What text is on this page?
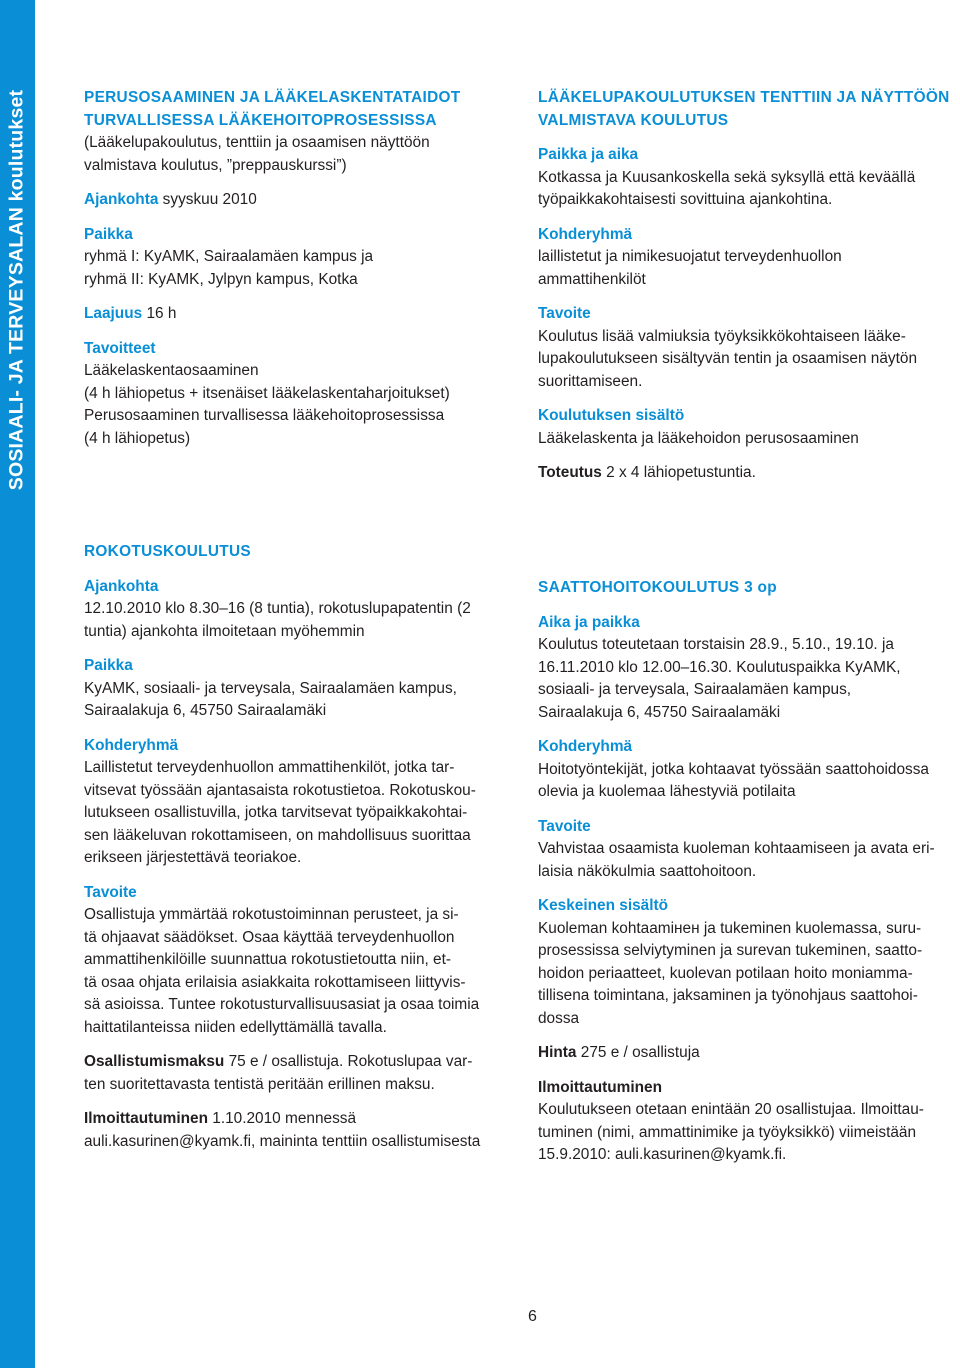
SOSIAALI- JA TERVEYSALAN koulutukset	PERUSOSAAMINEN JA LÄÄKELASKENTATAIDOT

TURVALLISESSA LÄÄKEHOITOPROSESSISSA

(Lääkelupakoulutus, tenttiin ja osaamisen näyttöön

valmistava koulutus, ”preppauskurssi”)

Ajankohta syyskuu 2010

Paikka

ryhmä I: KyAMK, Sairaalamäen kampus ja

ryhmä II: KyAMK, Jylpyn kampus, Kotka

Laajuus 16 h

Tavoitteet

Lääkelaskentaosaaminen

(4 h lähiopetus + itsenäiset lääkelaskentaharjoitukset)

Perusosaaminen turvallisessa lääkehoitoprosessissa

(4 h lähiopetus)

LÄÄKELUPAKOULUTUKSEN TENTTIIN JA NÄYTTÖÖN

VALMISTAVA KOULUTUS

Paikka ja aika

Kotkassa ja Kuusankoskella sekä syksyllä että keväällä

työpaikkakohtaisesti sovittuina ajankohtina.

Kohderyhmä

laillistetut ja nimikesuojatut terveydenhuollon

ammattihenkilöt

Tavoite

Koulutus lisää valmiuksia työyksikkökohtaiseen lääke-

lupakoulutukseen sisältyvän tentin ja osaamisen näytön

suorittamiseen.

Koulutuksen sisältö

Lääkelaskenta ja lääkehoidon perusosaaminen

Toteutus 2 x 4 lähiopetustuntia.

ROKOTUSKOULUTUS

Ajankohta

12.10.2010 klo 8.30‒16 (8 tuntia), rokotuslupapatentin (2

tuntia) ajankohta ilmoitetaan myöhemmin

Paikka

KyAMK, sosiaali- ja terveysala, Sairaalamäen kampus,

Sairaalakuja 6, 45750 Sairaalamäki

Kohderyhmä

Laillistetut terveydenhuollon ammattihenkilöt, jotka tar-

vitsevat työssään ajantasaista rokotustietoa. Rokotuskou-

lutukseen osallistuvilla, jotka tarvitsevat työpaikkakohtai-

sen lääkeluvan rokottamiseen, on mahdollisuus suorittaa

erikseen järjestettävä teoriakoe.

Tavoite

Osallistuja ymmärtää rokotustoiminnan perusteet, ja si-

tä ohjaavat säädökset. Osaa käyttää terveydenhuollon

ammattihenkilöille suunnattua rokotustietoutta niin, et-

tä osaa ohjata erilaisia asiakkaita rokottamiseen liittyvis-

sä asioissa. Tuntee rokotusturvallisuusasiat ja osaa toimia

haittatilanteissa niiden edellyttämällä tavalla.

Osallistumismaksu 75 e / osallistuja. Rokotuslupaa var-

ten suoritettavasta tentistä peritään erillinen maksu.

Ilmoittautuminen 1.10.2010 mennessä

auli.kasurinen@kyamk.fi, maininta tenttiin osallistumisesta

SAATTOHOITOKOULUTUS 3 op

Aika ja paikka

Koulutus toteutetaan torstaisin 28.9., 5.10., 19.10. ja

16.11.2010 klo 12.00‒16.30. Koulutuspaikka KyAMK,

sosiaali- ja terveysala, Sairaalamäen kampus,

Sairaalakuja 6, 45750 Sairaalamäki

Kohderyhmä

Hoitotyöntekijät, jotka kohtaavat työssään saattohoidossa

olevia ja kuolemaa lähestyviä potilaita

Tavoite

Vahvistaa osaamista kuoleman kohtaamiseen ja avata eri-

laisia näkökulmia saattohoitoon.

Keskeinen sisältö

Kuoleman kohtaamінен ja tukeminen kuolemassa, suru-

prosessissa selviytyminen ja surevan tukeminen, saatto-

hoidon periaatteet, kuolevan potilaan hoito moniamma-

tillisena toimintana, jaksaminen ja työnohjaus saattohoi-

dossa

Hinta 275 e / osallistuja

Ilmoittautuminen

Koulutukseen otetaan enintään 20 osallistujaa. Ilmoittau-

tuminen (nimi, ammattinimike ja työyksikkö) viimeistään

15.9.2010: auli.kasurinen@kyamk.fi.

6
